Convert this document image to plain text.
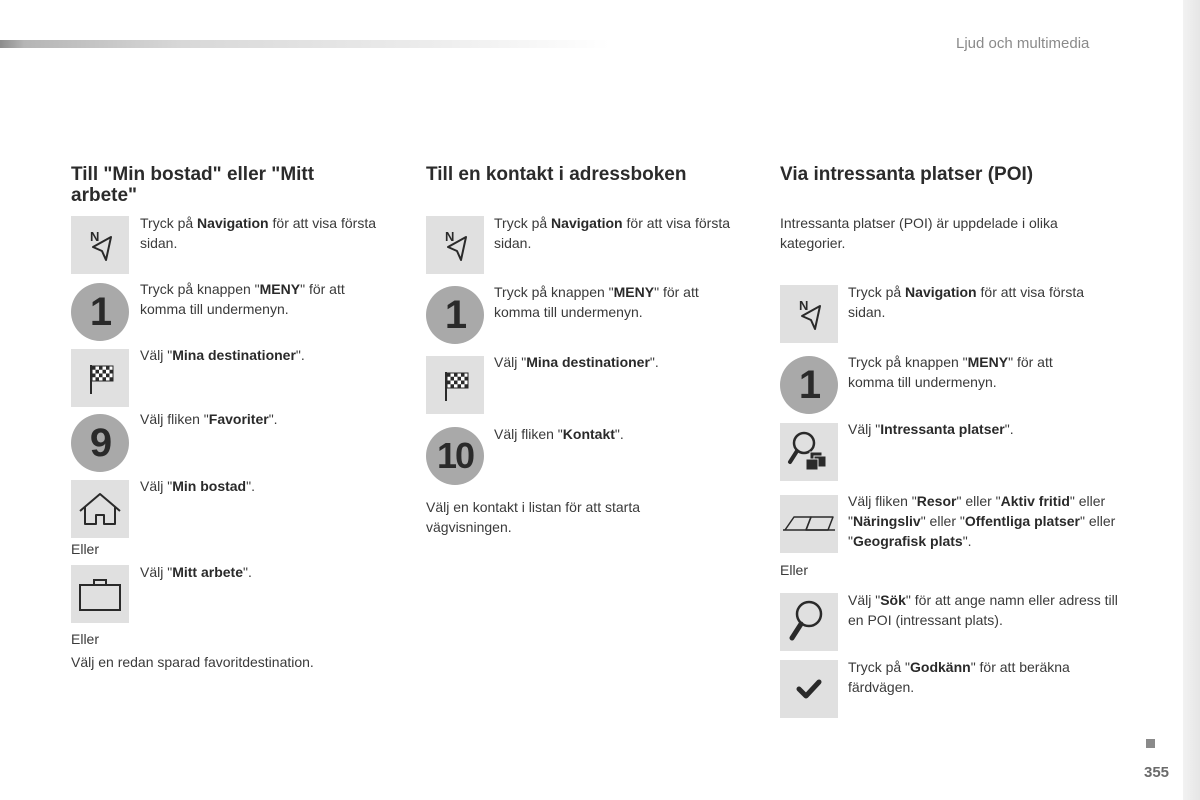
Ljud och multimedia
355
Till "Min bostad" eller "Mitt arbete"
N

Tryck på Navigation för att visa första sidan.

1

Tryck på knappen "MENY" för att komma till undermenyn.

Välj "Mina destinationer".

9

Välj fliken "Favoriter".

Välj "Min bostad".

Eller

Välj "Mitt arbete".

Eller

Välj en redan sparad favoritdestination.

Till en kontakt i adressboken
N

Tryck på Navigation för att visa första sidan.

1

Tryck på knappen "MENY" för att komma till undermenyn.

Välj "Mina destinationer".

10

Välj fliken "Kontakt".

Välj en kontakt i listan för att starta vägvisningen.

Via intressanta platser (POI)

Intressanta platser (POI) är uppdelade i olika kategorier.

N

Tryck på Navigation för att visa första sidan.

1

Tryck på knappen "MENY" för att komma till undermenyn.

Välj "Intressanta platser".

Välj fliken "Resor" eller "Aktiv fritid" eller "Näringsliv" eller "Offentliga platser" eller "Geografisk plats".

Eller

Välj "Sök" för att ange namn eller adress till en POI (intressant plats).

Tryck på "Godkänn" för att beräkna färdvägen.
